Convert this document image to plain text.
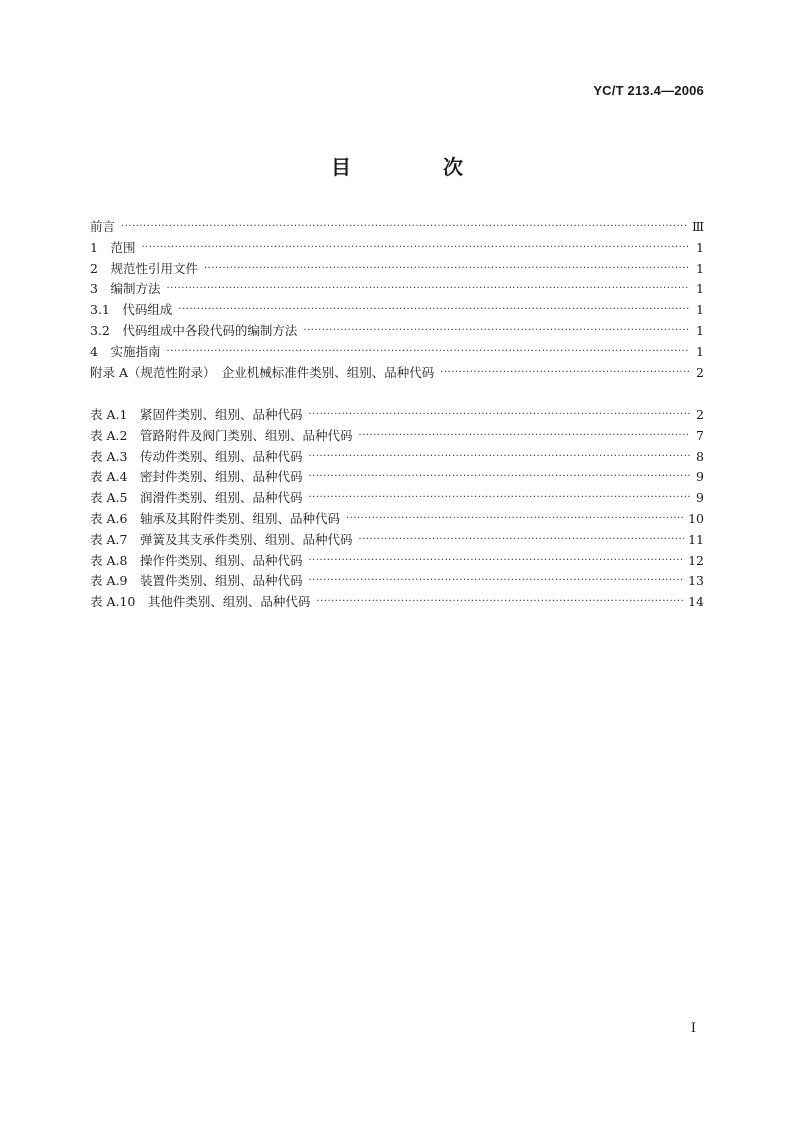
YC/T 213.4—2006
目　次
前言 ·····	Ⅲ
1　 范围 ·····	1
2　 规范性引用文件 ·····	1
3　 编制方法 ·····	1
3.1　 代码组成 ·····	1
3.2　 代码组成中各段代码的编制方法 ·····	1
4　 实施指南 ·····	1
附录 A（规范性附录）　企业机械标准件类别、组别、品种代码 ·····	2
表 A.1　 紧固件类别、组别、品种代码 ·····	2
表 A.2　 管路附件及阀门类别、组别、品种代码 ·····	7
表 A.3　 传动件类别、组别、品种代码 ·····	8
表 A.4　 密封件类别、组别、品种代码 ·····	9
表 A.5　 润滑件类别、组别、品种代码 ·····	9
表 A.6　 轴承及其附件类别、组别、品种代码 ·····	10
表 A.7　 弹簧及其支承件类别、组别、品种代码 ·····	11
表 A.8　 操作件类别、组别、品种代码 ·····	12
表 A.9　 装置件类别、组别、品种代码 ·····	13
表 A.10　 其他件类别、组别、品种代码 ·····	14
Ⅰ
